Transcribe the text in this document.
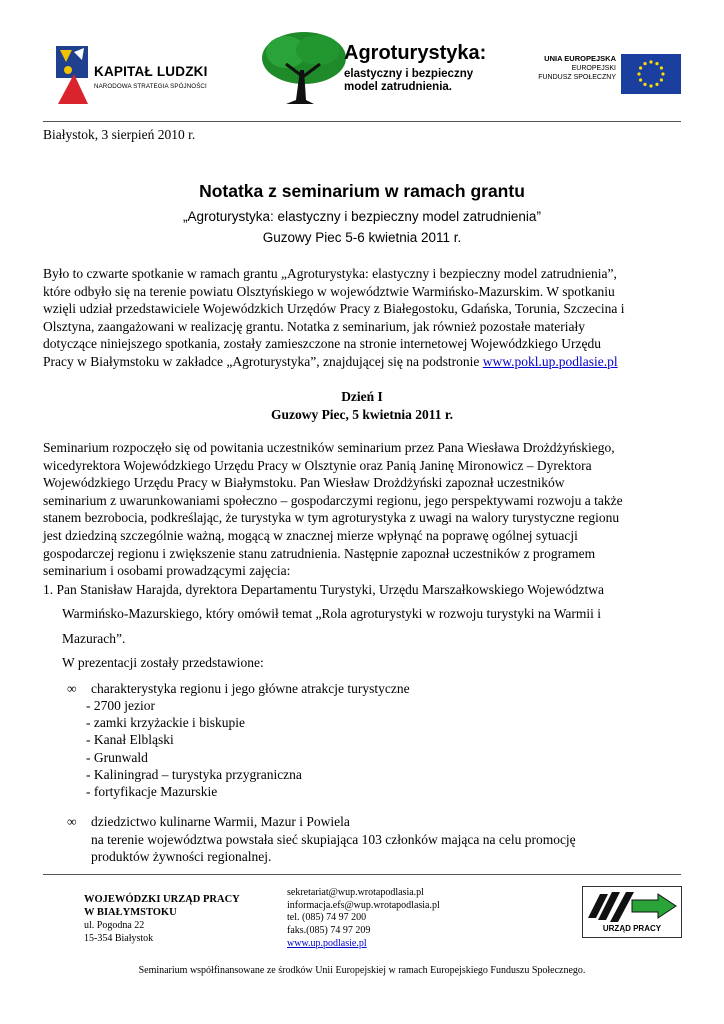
KAPITAŁ LUDZKI
NARODOWA STRATEGIA SPÓJNOŚCI
Agroturystyka:
elastyczny i bezpieczny
model zatrudnienia.
UNIA EUROPEJSKA
EUROPEJSKI
FUNDUSZ SPOŁECZNY
Białystok, 3 sierpień 2010 r.
Notatka z seminarium w ramach grantu
„Agroturystyka: elastyczny i bezpieczny model zatrudnienia”
Guzowy Piec 5-6 kwietnia 2011 r.
Było to czwarte spotkanie w ramach grantu „Agroturystyka: elastyczny i bezpieczny model zatrudnienia”,
które odbyło się na terenie powiatu Olsztyńskiego w województwie Warmińsko-Mazurskim. W spotkaniu
wzięli udział przedstawiciele Wojewódzkich Urzędów Pracy z Białegostoku, Gdańska, Torunia, Szczecina i
Olsztyna, zaangażowani w realizację grantu. Notatka z seminarium, jak również pozostałe materiały
dotyczące niniejszego spotkania, zostały zamieszczone na stronie internetowej Wojewódzkiego Urzędu
Pracy w Białymstoku w zakładce „Agroturystyka”, znajdującej się na podstronie www.pokl.up.podlasie.pl
Dzień I
Guzowy Piec, 5 kwietnia 2011 r.
Seminarium rozpoczęło się od powitania uczestników seminarium przez Pana Wiesława Drożdżyńskiego,
wicedyrektora Wojewódzkiego Urzędu Pracy w Olsztynie oraz Panią Janinę Mironowicz – Dyrektora
Wojewódzkiego Urzędu Pracy w Białymstoku. Pan Wiesław Drożdżyński zapoznał uczestników
seminarium z uwarunkowaniami społeczno – gospodarczymi regionu, jego perspektywami rozwoju a także
stanem bezrobocia, podkreślając, że turystyka w tym agroturystyka z uwagi na walory turystyczne regionu
jest dziedziną szczególnie ważną, mogącą w znacznej mierze wpłynąć na poprawę ogólnej sytuacji
gospodarczej regionu i zwiększenie stanu zatrudnienia. Następnie zapoznał uczestników z programem
seminarium i osobami prowadzącymi zajęcia:
1. Pan Stanisław Harajda, dyrektora Departamentu Turystyki, Urzędu Marszałkowskiego Województwa
Warmińsko-Mazurskiego, który omówił temat „Rola agroturystyki w rozwoju turystyki na Warmii i
Mazurach”.
W prezentacji zostały przedstawione:
∞ charakterystyka regionu i jego główne atrakcje turystyczne
- 2700 jezior
- zamki krzyżackie i biskupie
- Kanał Elbląski
- Grunwald
- Kaliningrad – turystyka przygraniczna
- fortyfikacje Mazurskie
∞ dziedzictwo kulinarne Warmii, Mazur i Powiela
na terenie województwa powstała sieć skupiająca 103 członków mająca na celu promocję
produktów żywności regionalnej.
WOJEWÓDZKI URZĄD PRACY
W BIAŁYMSTOKU
ul. Pogodna 22
15-354 Białystok
sekretariat@wup.wrotapodlasia.pl
informacja.efs@wup.wrotapodlasia.pl
tel. (085) 74 97 200
faks.(085) 74 97 209
www.up.podlasie.pl
URZĄD PRACY
Seminarium współfinansowane ze środków Unii Europejskiej w ramach Europejskiego Funduszu Społecznego.
